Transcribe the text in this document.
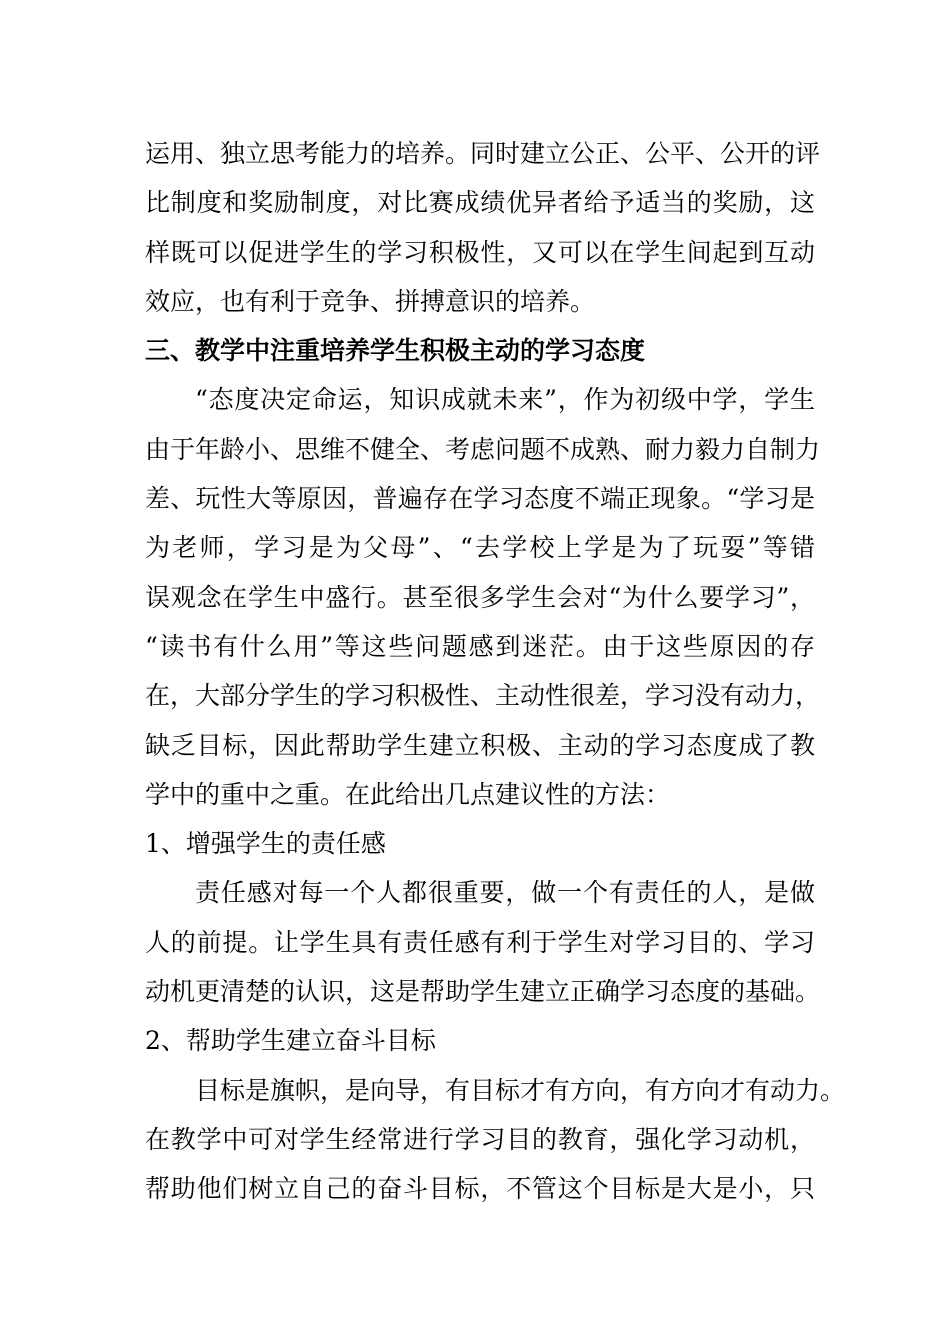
运用、独立思考能力的培养。同时建立公正、公平、公开的评
比制度和奖励制度，对比赛成绩优异者给予适当的奖励，这
样既可以促进学生的学习积极性，又可以在学生间起到互动
效应，也有利于竞争、拼搏意识的培养。
三、教学中注重培养学生积极主动的学习态度
“态度决定命运，知识成就未来”，作为初级中学，学生
由于年龄小、思维不健全、考虑问题不成熟、耐力毅力自制力
差、玩性大等原因，普遍存在学习态度不端正现象。“学习是
为老师，学习是为父母”、“去学校上学是为了玩耍”等错
误观念在学生中盛行。甚至很多学生会对“为什么要学习”，
“读书有什么用”等这些问题感到迷茫。由于这些原因的存
在，大部分学生的学习积极性、主动性很差，学习没有动力，
缺乏目标，因此帮助学生建立积极、主动的学习态度成了教
学中的重中之重。在此给出几点建议性的方法：
1、增强学生的责任感
责任感对每一个人都很重要，做一个有责任的人，是做
人的前提。让学生具有责任感有利于学生对学习目的、学习
动机更清楚的认识，这是帮助学生建立正确学习态度的基础。
2、帮助学生建立奋斗目标
目标是旗帜，是向导，有目标才有方向，有方向才有动力。
在教学中可对学生经常进行学习目的教育，强化学习动机，
帮助他们树立自己的奋斗目标，不管这个目标是大是小，只
